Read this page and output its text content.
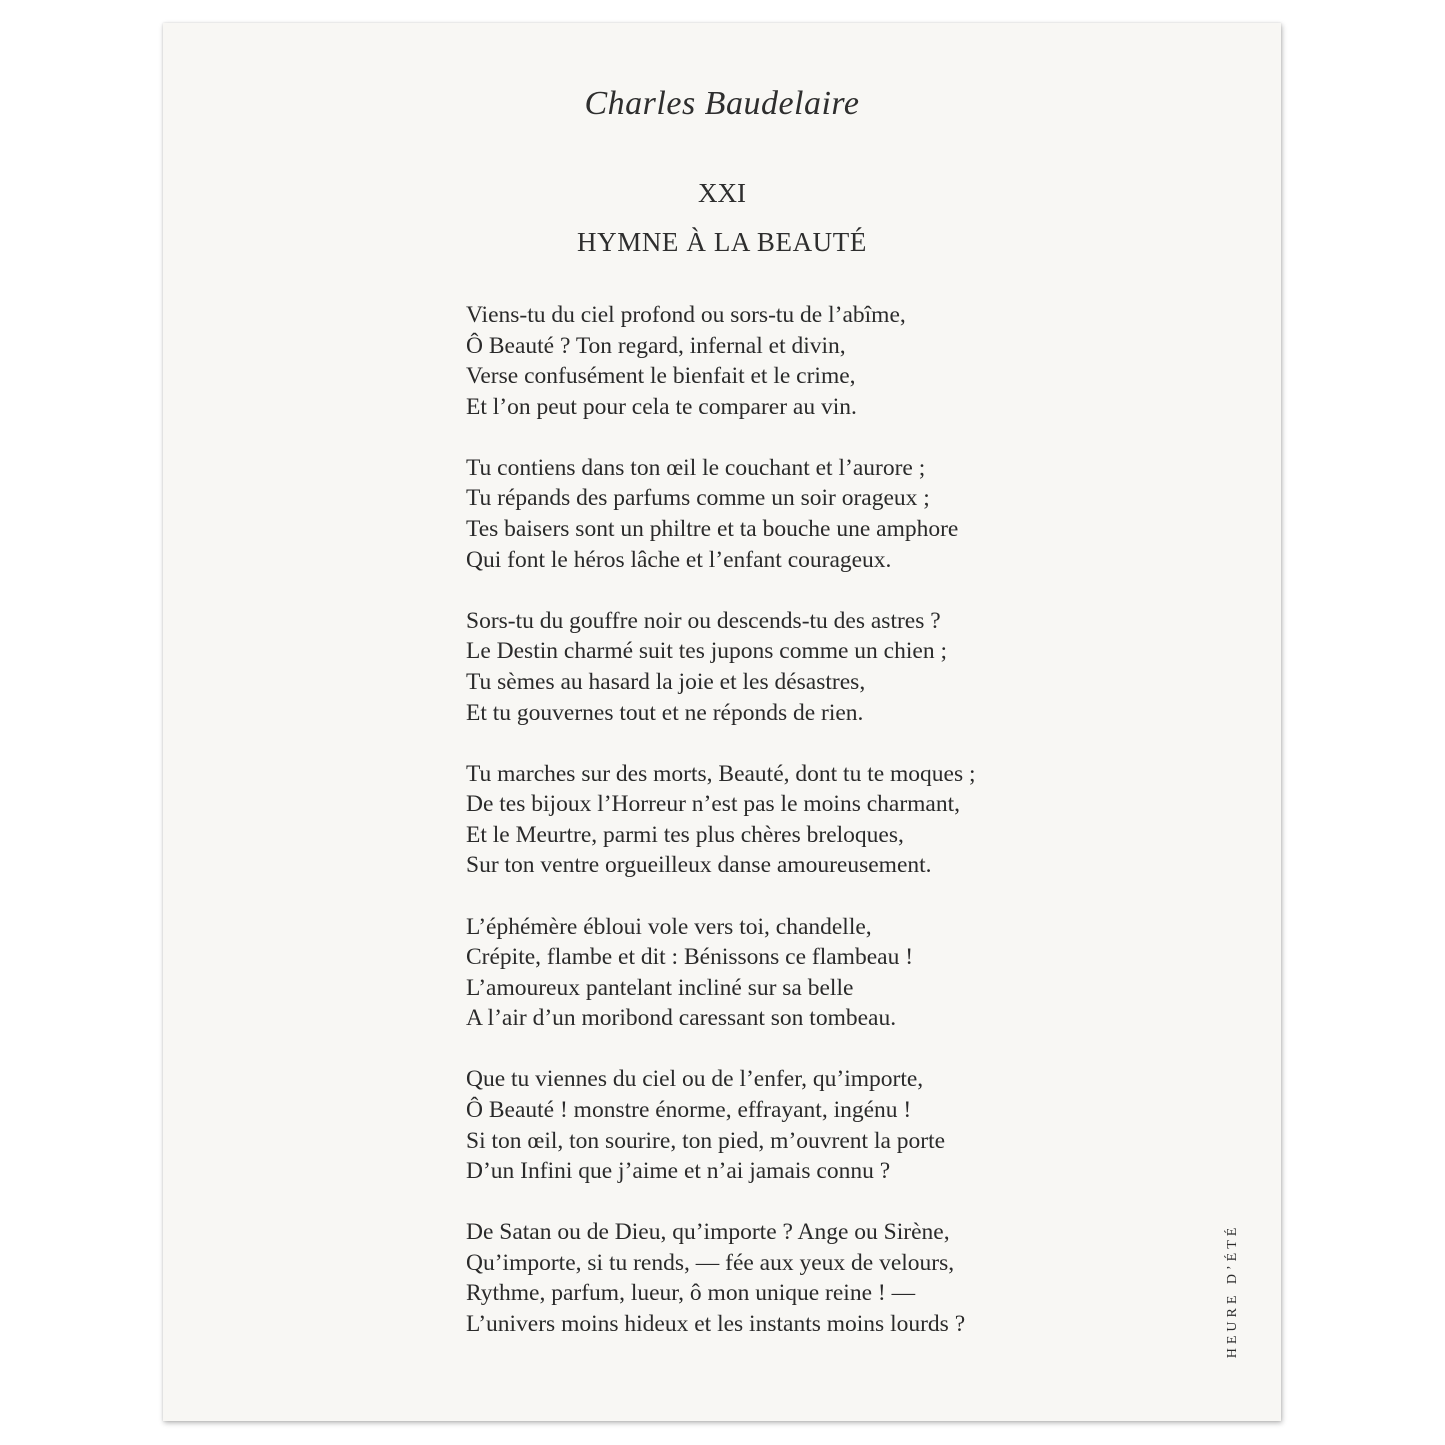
Charles Baudelaire
XXI
HYMNE À LA BEAUTÉ
Viens-tu du ciel profond ou sors-tu de l’abîme,
Ô Beauté ? Ton regard, infernal et divin,
Verse confusément le bienfait et le crime,
Et l’on peut pour cela te comparer au vin.
Tu contiens dans ton œil le couchant et l’aurore ;
Tu répands des parfums comme un soir orageux ;
Tes baisers sont un philtre et ta bouche une amphore
Qui font le héros lâche et l’enfant courageux.
Sors-tu du gouffre noir ou descends-tu des astres ?
Le Destin charmé suit tes jupons comme un chien ;
Tu sèmes au hasard la joie et les désastres,
Et tu gouvernes tout et ne réponds de rien.
Tu marches sur des morts, Beauté, dont tu te moques ;
De tes bijoux l’Horreur n’est pas le moins charmant,
Et le Meurtre, parmi tes plus chères breloques,
Sur ton ventre orgueilleux danse amoureusement.
L’éphémère ébloui vole vers toi, chandelle,
Crépite, flambe et dit : Bénissons ce flambeau !
L’amoureux pantelant incliné sur sa belle
A l’air d’un moribond caressant son tombeau.
Que tu viennes du ciel ou de l’enfer, qu’importe,
Ô Beauté ! monstre énorme, effrayant, ingénu !
Si ton œil, ton sourire, ton pied, m’ouvrent la porte
D’un Infini que j’aime et n’ai jamais connu ?
De Satan ou de Dieu, qu’importe ? Ange ou Sirène,
Qu’importe, si tu rends, — fée aux yeux de velours,
Rythme, parfum, lueur, ô mon unique reine ! —
L’univers moins hideux et les instants moins lourds ?	HEURE D’ÉTÉ
